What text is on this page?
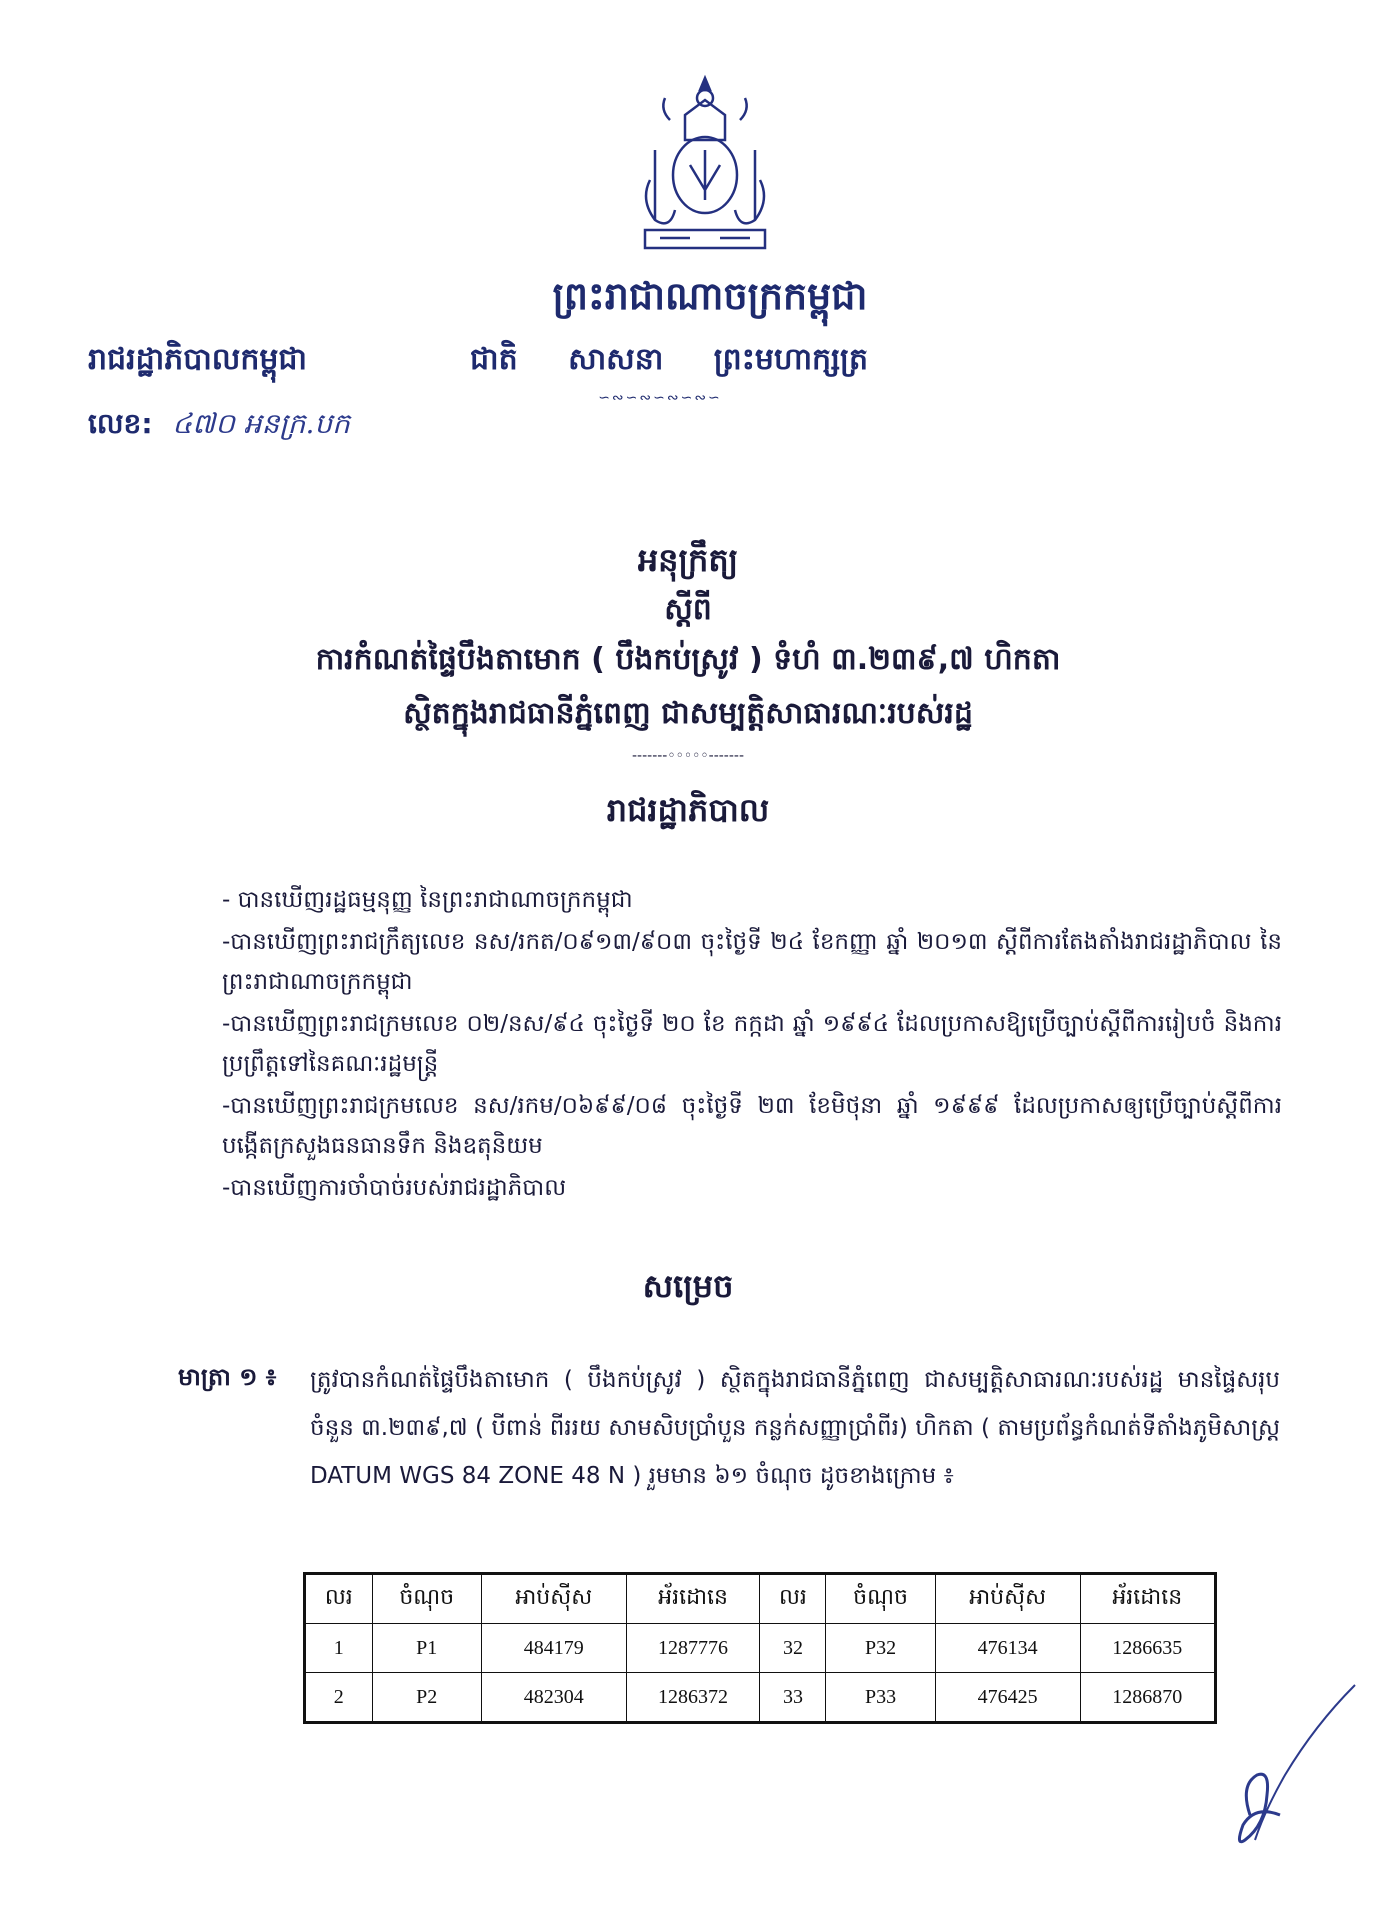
ព្រះរាជាណាចក្រកម្ពុជា
រាជរដ្ឋាភិបាលកម្ពុជា	ជាតិ សាសនា ព្រះមហាក្សត្រ
∽∾∽∾∽∾∽∾∽
លេខ: ៤៧០ អនក្រ.បក
អនុក្រឹត្យ
ស្ដីពី
ការកំណត់ផ្ទៃបឹងតាមោក ( បឹងកប់ស្រូវ ) ទំហំ ៣.២៣៩,៧ ហិកតា
ស្ថិតក្នុងរាជធានីភ្នំពេញ ជាសម្បត្តិសាធារណៈរបស់រដ្ឋ
-------◦◦◦◦◦-------
រាជរដ្ឋាភិបាល

- បានឃើញរដ្ឋធម្មនុញ្ញ នៃព្រះរាជាណាចក្រកម្ពុជា

-បានឃើញព្រះរាជក្រឹត្យលេខ នស/រកត/០៩១៣/៩០៣ ចុះថ្ងៃទី ២៤ ខែកញ្ញា ឆ្នាំ ២០១៣ ស្ដីពីការតែងតាំងរាជរដ្ឋាភិបាល នៃព្រះរាជាណាចក្រកម្ពុជា

-បានឃើញព្រះរាជក្រមលេខ ០២/នស/៩៤ ចុះថ្ងៃទី ២០ ខែ កក្កដា ឆ្នាំ ១៩៩៤ ដែលប្រកាសឱ្យប្រើច្បាប់ស្ដីពីការរៀបចំ និងការប្រព្រឹត្តទៅនៃគណៈរដ្ឋមន្ត្រី

-បានឃើញព្រះរាជក្រមលេខ នស/រកម/០៦៩៩/០៨ ចុះថ្ងៃទី ២៣ ខែមិថុនា ឆ្នាំ ១៩៩៩ ដែលប្រកាសឲ្យប្រើច្បាប់ស្ដីពីការបង្កើតក្រសួងធនធានទឹក និងឧតុនិយម

-បានឃើញការចាំបាច់របស់រាជរដ្ឋាភិបាល

សម្រេច
មាត្រា ១ ៖ ត្រូវបានកំណត់ផ្ទៃបឹងតាមោក ( បឹងកប់ស្រូវ ) ស្ថិតក្នុងរាជធានីភ្នំពេញ ជាសម្បត្តិសាធារណៈរបស់រដ្ឋ មានផ្ទៃសរុបចំនួន ៣.២៣៩,៧ ( បីពាន់ ពីររយ សាមសិបប្រាំបួន កន្លក់សញ្ញាប្រាំពីរ) ហិកតា ( តាមប្រព័ន្ធកំណត់ទីតាំងភូមិសាស្ត្រ DATUM WGS 84 ZONE 48 N ) រួមមាន ៦១ ចំណុច ដូចខាងក្រោម ៖
លរ	ចំណុច	អាប់ស៊ីស	អ័រដោនេ	លរ	ចំណុច	អាប់ស៊ីស	អ័រដោនេ
1	P1	484179	1287776	32	P32	476134	1286635
2	P2	482304	1286372	33	P33	476425	1286870
